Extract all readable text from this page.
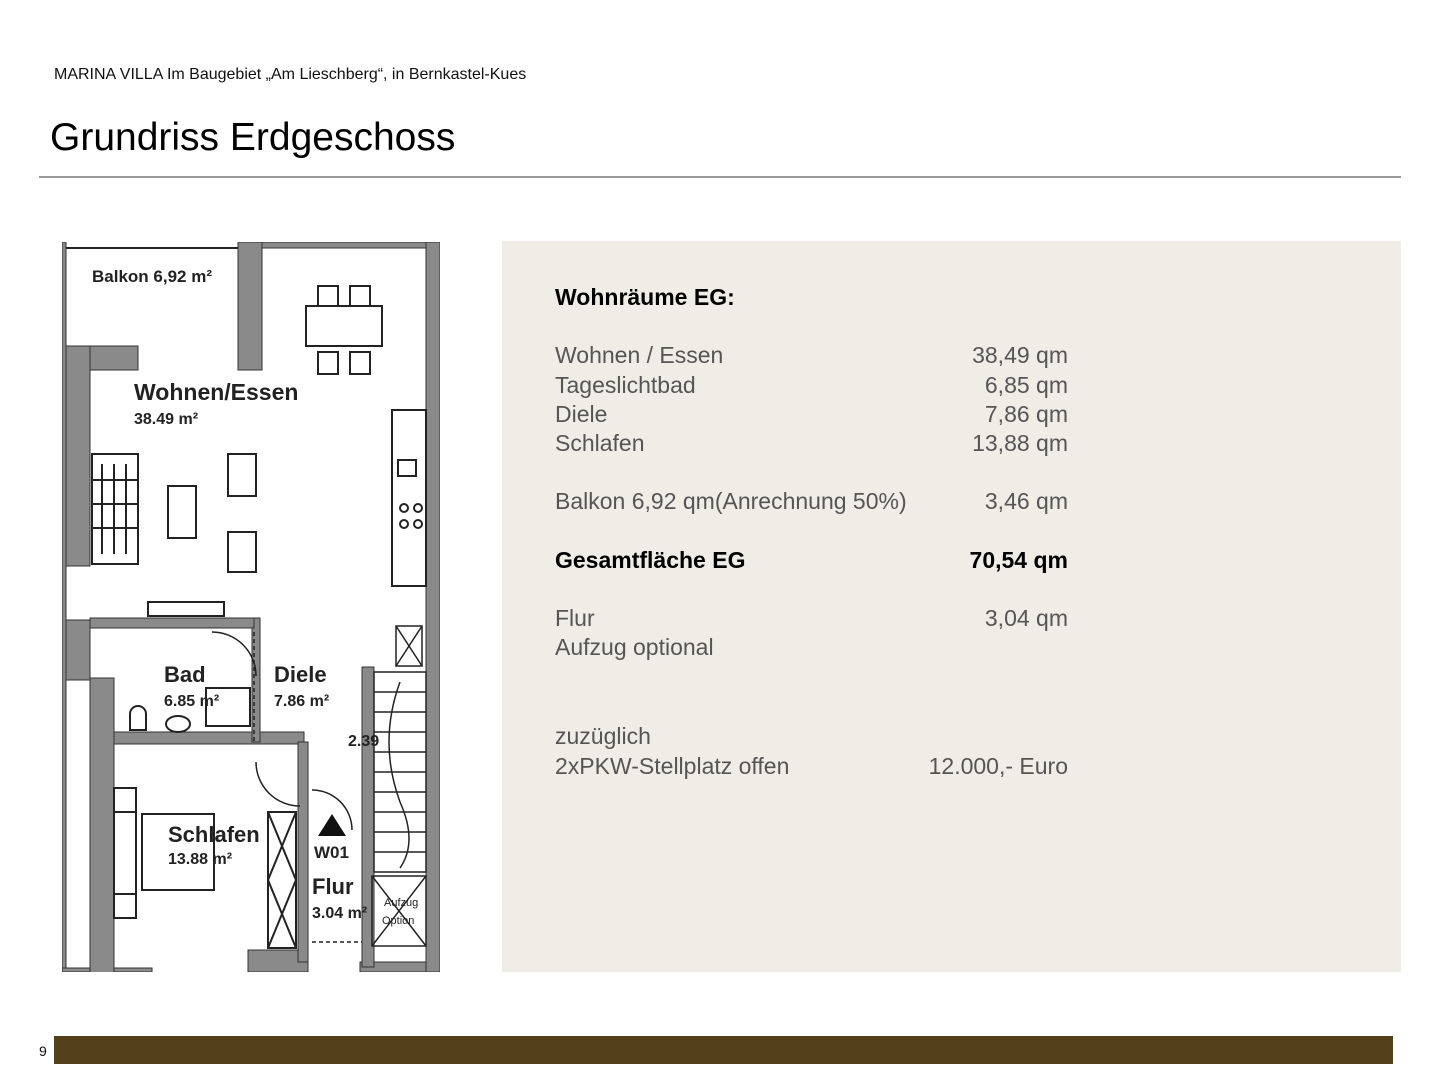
MARINA VILLA Im Baugebiet „Am Lieschberg“, in Bernkastel-Kues
Grundriss Erdgeschoss
Balkon 6,92 m²
Wohnen/Essen
38.49 m²
Bad
6.85 m²
Diele
7.86 m²
2.39
Schlafen
13.88 m²	W01
Flur
3.04 m²
Aufzug
Option
Wohnräume EG:
Wohnen / Essen	38,49 qm
Tageslichtbad	6,85 qm
Diele	7,86 qm
Schlafen	13,88 qm
Balkon 6,92 qm(Anrechnung 50%)	3,46 qm
Gesamtfläche EG	70,54 qm
Flur	3,04 qm
Aufzug optional
zuzüglich
2xPKW-Stellplatz offen	12.000,- Euro
9
